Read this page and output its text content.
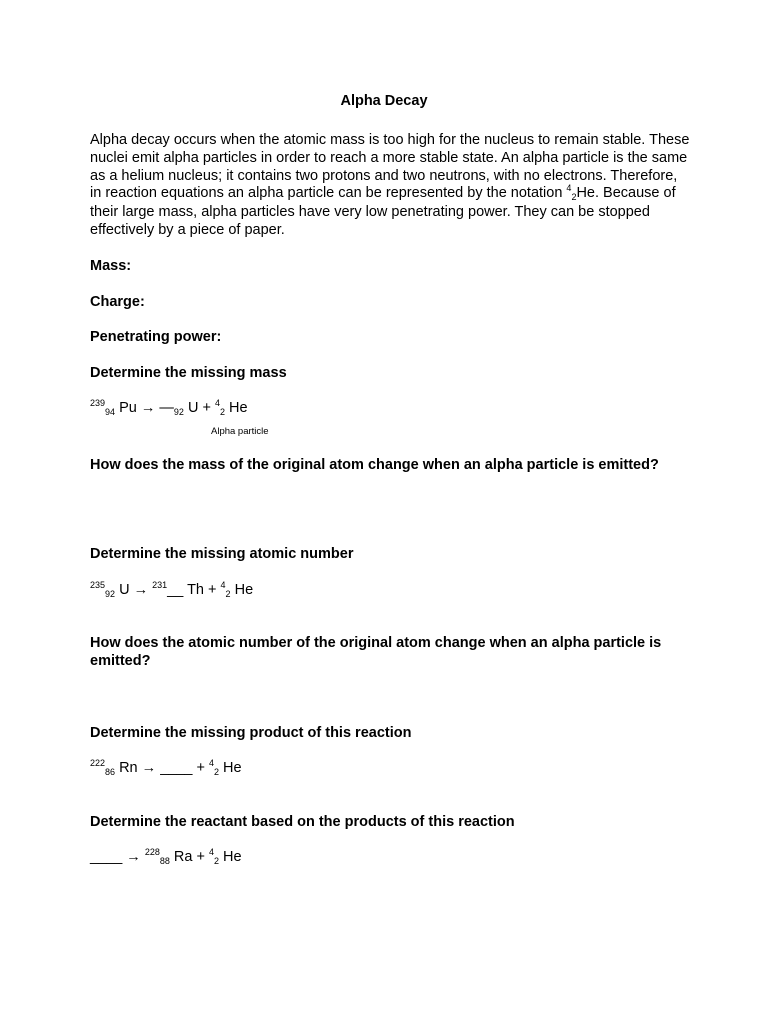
Alpha Decay
Alpha decay occurs when the atomic mass is too high for the nucleus to remain stable. These nuclei emit alpha particles in order to reach a more stable state. An alpha particle is the same as a helium nucleus; it contains two protons and two neutrons, with no electrons. Therefore, in reaction equations an alpha particle can be represented by the notation $^4_2$He. Because of their large mass, alpha particles have very low penetrating power. They can be stopped effectively by a piece of paper.
Mass:
Charge:
Penetrating power:
Determine the missing mass
$^{239}_{94}$ $Pu \to —_{92}$ U + $^4_2$ He
Alpha particle
How does the mass of the original atom change when an alpha particle is emitted?
Determine the missing atomic number
$^{235}_{92}$ U → $^{231}$__ Th + $^4_2$ He
How does the atomic number of the original atom change when an alpha particle is emitted?
Determine the missing product of this reaction
$^{222}_{86}$ Rn → ____ + $^4_2$ He
Determine the reactant based on the products of this reaction
____ → $^{228}_{88}$ Ra + $^4_2$ He
